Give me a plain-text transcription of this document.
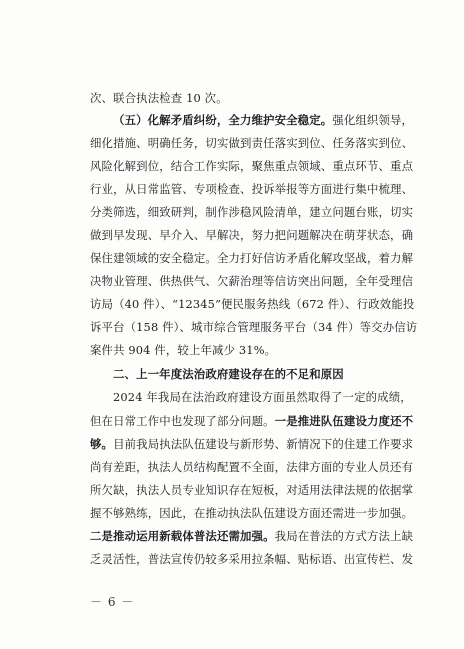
次、联合执法检查 10 次。
（五）化解矛盾纠纷，全力维护安全稳定。强化组织领导，
细化措施、明确任务，切实做到责任落实到位、任务落实到位、
风险化解到位，结合工作实际，聚焦重点领域、重点环节、重点
行业，从日常监管、专项检查、投诉举报等方面进行集中梳理、
分类筛选，细致研判，制作涉稳风险清单，建立问题台账，切实
做到早发现、早介入、早解决，努力把问题解决在萌芽状态，确
保住建领域的安全稳定。全力打好信访矛盾化解攻坚战，着力解
决物业管理、供热供气、欠薪治理等信访突出问题，全年受理信
访局（40 件）、“12345”便民服务热线（672 件）、行政效能投
诉平台（158 件）、城市综合管理服务平台（34 件）等交办信访
案件共 904 件，较上年减少 31%。
二、上一年度法治政府建设存在的不足和原因
2024 年我局在法治政府建设方面虽然取得了一定的成绩，
但在日常工作中也发现了部分问题。一是推进队伍建设力度还不
够。目前我局执法队伍建设与新形势、新情况下的住建工作要求
尚有差距，执法人员结构配置不全面，法律方面的专业人员还有
所欠缺，执法人员专业知识存在短板，对适用法律法规的依据掌
握不够熟练，因此，在推动执法队伍建设方面还需进一步加强。
二是推动运用新载体普法还需加强。我局在普法的方式方法上缺
乏灵活性，普法宣传仍较多采用拉条幅、贴标语、出宣传栏、发
－ 6 －
